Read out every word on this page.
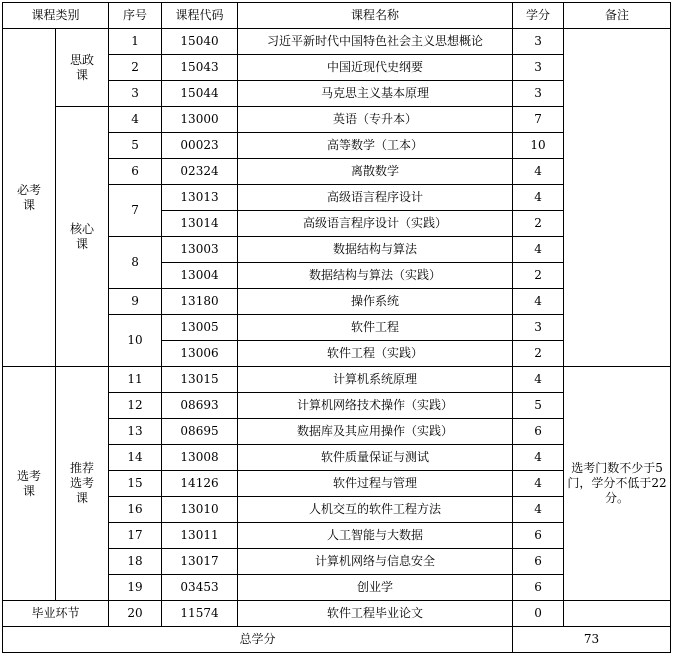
课程类别		序号	课程代码	课程名称	学分	备注
必考课	思政课	1	15040	习近平新时代中国特色社会主义思想概论	3	
		2	15043	中国近现代史纲要	3	
		3	15044	马克思主义基本原理	3	
	核心课	4	13000	英语（专升本）	7	
		5	00023	高等数学（工本）	10	
		6	02324	离散数学	4	
		7	13013	高级语言程序设计	4	
			13014	高级语言程序设计（实践）	2	
		8	13003	数据结构与算法	4	
			13004	数据结构与算法（实践）	2	
		9	13180	操作系统	4	
		10	13005	软件工程	3	
			13006	软件工程（实践）	2	
选考课	推荐选考课	11	13015	计算机系统原理	4	选考门数不少于5门，学分不低于22分。
		12	08693	计算机网络技术操作（实践）	5	
		13	08695	数据库及其应用操作（实践）	6	
		14	13008	软件质量保证与测试	4	
		15	14126	软件过程与管理	4	
		16	13010	人机交互的软件工程方法	4	
		17	13011	人工智能与大数据	6	
		18	13017	计算机网络与信息安全	6	
		19	03453	创业学	6	
毕业环节		20	11574	软件工程毕业论文	0	
总学分					73	
